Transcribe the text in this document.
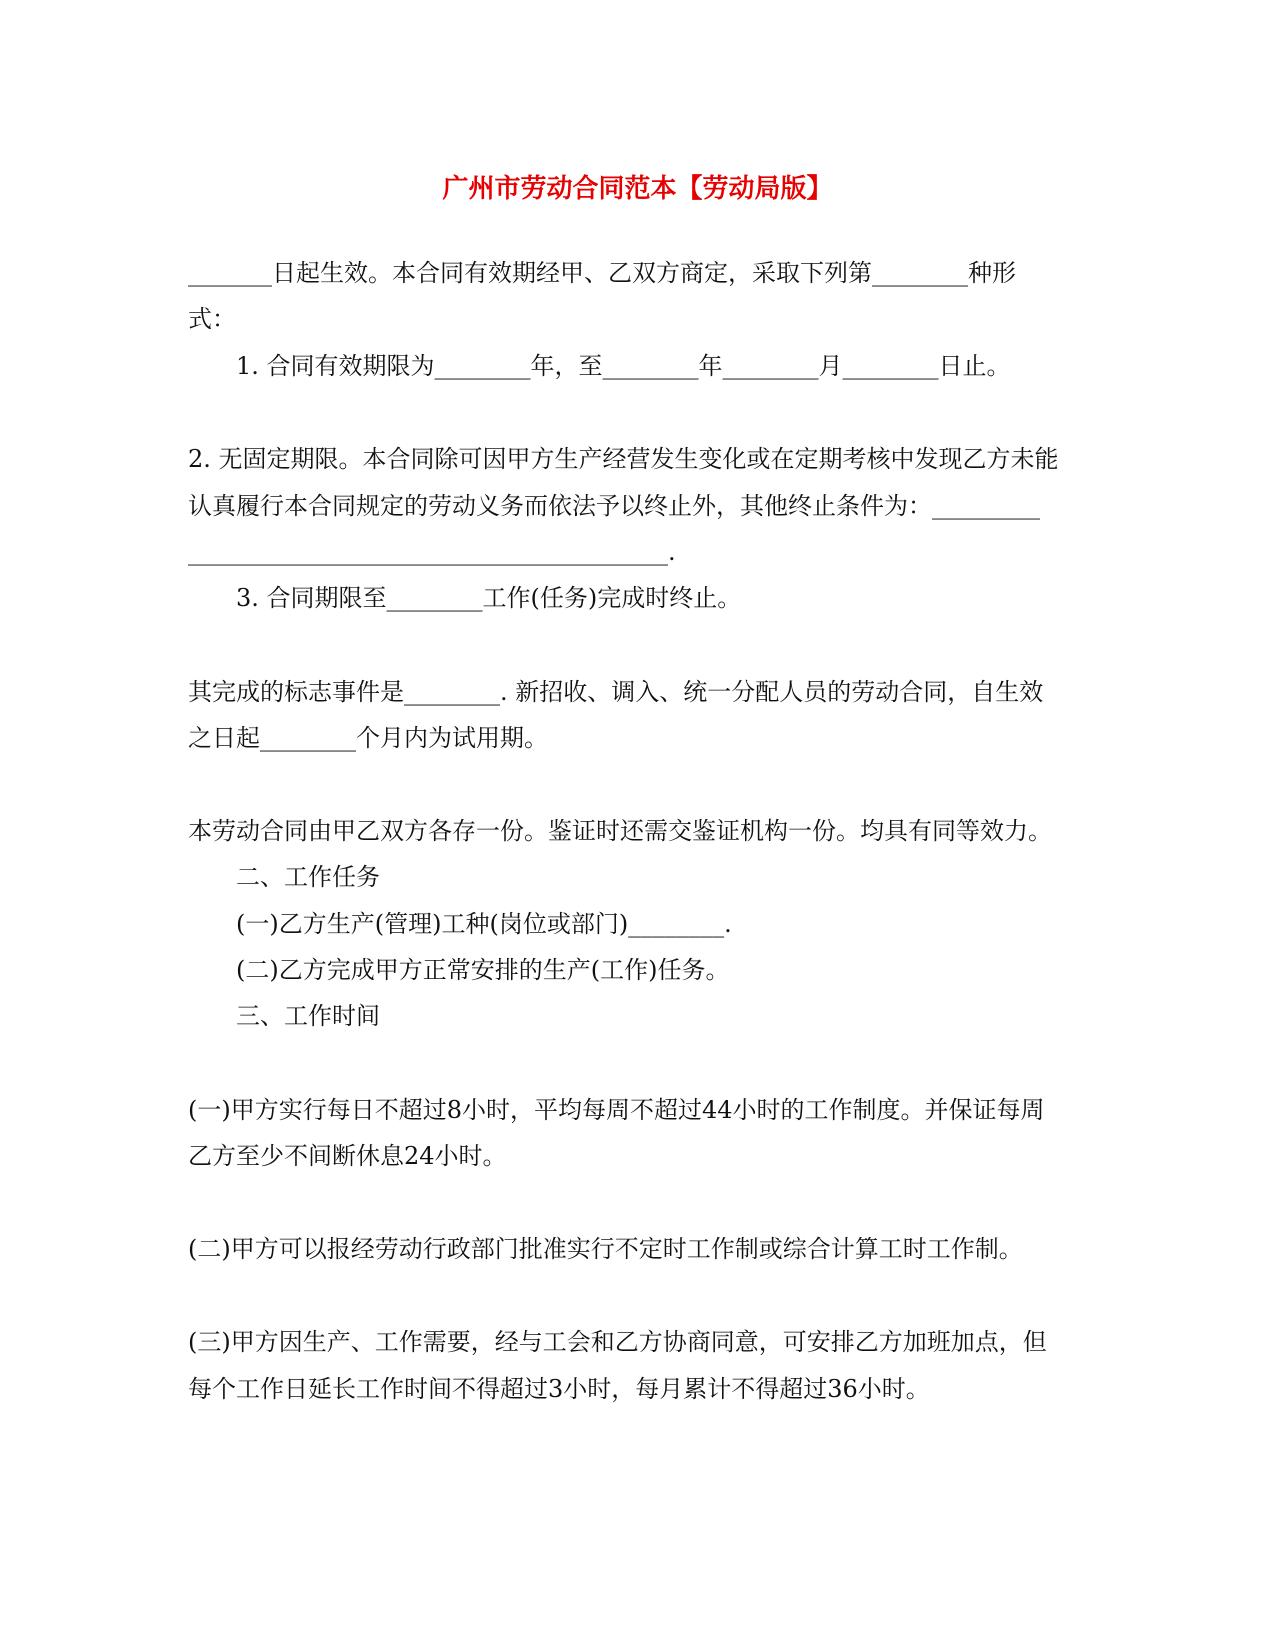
广州市劳动合同范本【劳动局版】
_______日起生效。本合同有效期经甲、乙双方商定，采取下列第________种形
式：
1. 合同有效期限为________年，至________年________月________日止。
2. 无固定期限。本合同除可因甲方生产经营发生变化或在定期考核中发现乙方未能
认真履行本合同规定的劳动义务而依法予以终止外，其他终止条件为：_________
________________________________________.
3. 合同期限至________工作(任务)完成时终止。
其完成的标志事件是________. 新招收、调入、统一分配人员的劳动合同，自生效
之日起________个月内为试用期。
本劳动合同由甲乙双方各存一份。鉴证时还需交鉴证机构一份。均具有同等效力。
二、工作任务
(一)乙方生产(管理)工种(岗位或部门)________.
(二)乙方完成甲方正常安排的生产(工作)任务。
三、工作时间
(一)甲方实行每日不超过8小时，平均每周不超过44小时的工作制度。并保证每周
乙方至少不间断休息24小时。
(二)甲方可以报经劳动行政部门批准实行不定时工作制或综合计算工时工作制。
(三)甲方因生产、工作需要，经与工会和乙方协商同意，可安排乙方加班加点，但
每个工作日延长工作时间不得超过3小时，每月累计不得超过36小时。
